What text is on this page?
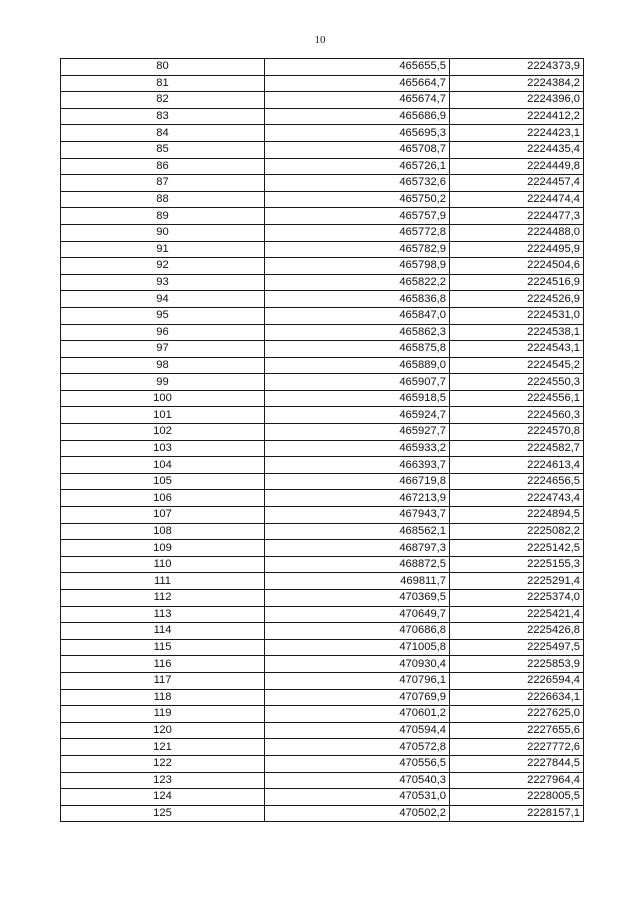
10
80	465655,5	2224373,9
81	465664,7	2224384,2
82	465674,7	2224396,0
83	465686,9	2224412,2
84	465695,3	2224423,1
85	465708,7	2224435,4
86	465726,1	2224449,8
87	465732,6	2224457,4
88	465750,2	2224474,4
89	465757,9	2224477,3
90	465772,8	2224488,0
91	465782,9	2224495,9
92	465798,9	2224504,6
93	465822,2	2224516,9
94	465836,8	2224526,9
95	465847,0	2224531,0
96	465862,3	2224538,1
97	465875,8	2224543,1
98	465889,0	2224545,2
99	465907,7	2224550,3
100	465918,5	2224556,1
101	465924,7	2224560,3
102	465927,7	2224570,8
103	465933,2	2224582,7
104	466393,7	2224613,4
105	466719,8	2224656,5
106	467213,9	2224743,4
107	467943,7	2224894,5
108	468562,1	2225082,2
109	468797,3	2225142,5
110	468872,5	2225155,3
111	469811,7	2225291,4
112	470369,5	2225374,0
113	470649,7	2225421,4
114	470686,8	2225426,8
115	471005,8	2225497,5
116	470930,4	2225853,9
117	470796,1	2226594,4
118	470769,9	2226634,1
119	470601,2	2227625,0
120	470594,4	2227655,6
121	470572,8	2227772,6
122	470556,5	2227844,5
123	470540,3	2227964,4
124	470531,0	2228005,5
125	470502,2	2228157,1
